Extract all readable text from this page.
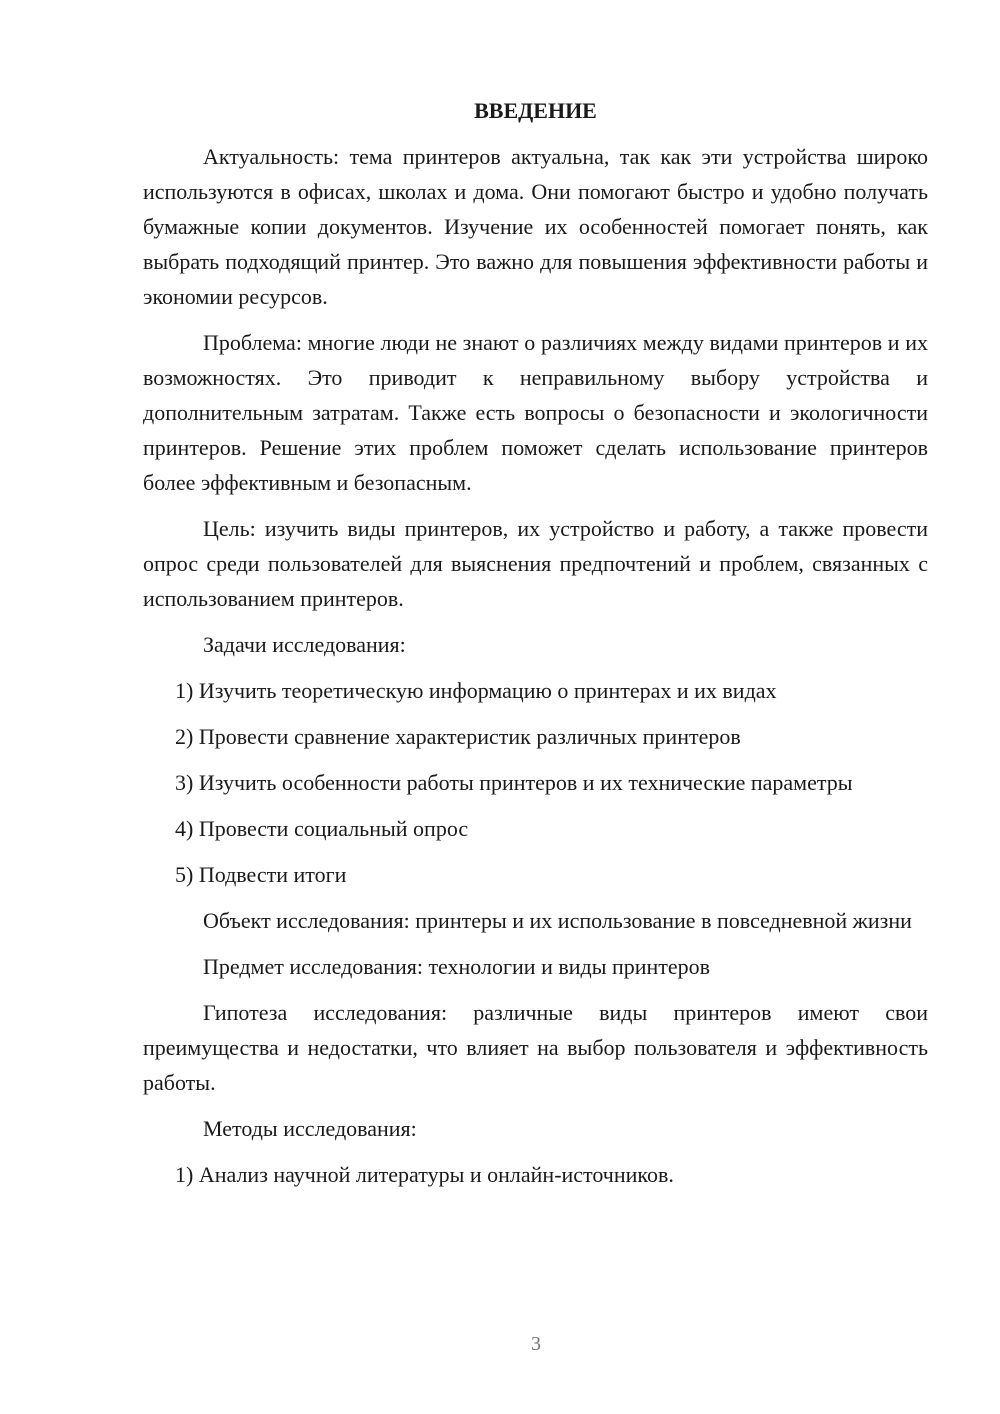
ВВЕДЕНИЕ

Актуальность: тема принтеров актуальна, так как эти устройства широко используются в офисах, школах и дома. Они помогают быстро и удобно получать бумажные копии документов. Изучение их особенностей помогает понять, как выбрать подходящий принтер. Это важно для повышения эффективности работы и экономии ресурсов.

Проблема: многие люди не знают о различиях между видами принтеров и их возможностях. Это приводит к неправильному выбору устройства и дополнительным затратам. Также есть вопросы о безопасности и экологичности принтеров. Решение этих проблем поможет сделать использование принтеров более эффективным и безопасным.

Цель: изучить виды принтеров, их устройство и работу, а также провести опрос среди пользователей для выяснения предпочтений и проблем, связанных с использованием принтеров.

Задачи исследования:

1) Изучить теоретическую информацию о принтерах и их видах

2) Провести сравнение характеристик различных принтеров

3) Изучить особенности работы принтеров и их технические параметры

4) Провести социальный опрос

5) Подвести итоги

Объект исследования: принтеры и их использование в повседневной жизни

Предмет исследования: технологии и виды принтеров

Гипотеза исследования: различные виды принтеров имеют свои преимущества и недостатки, что влияет на выбор пользователя и эффективность работы.

Методы исследования:

1) Анализ научной литературы и онлайн-источников.

3
